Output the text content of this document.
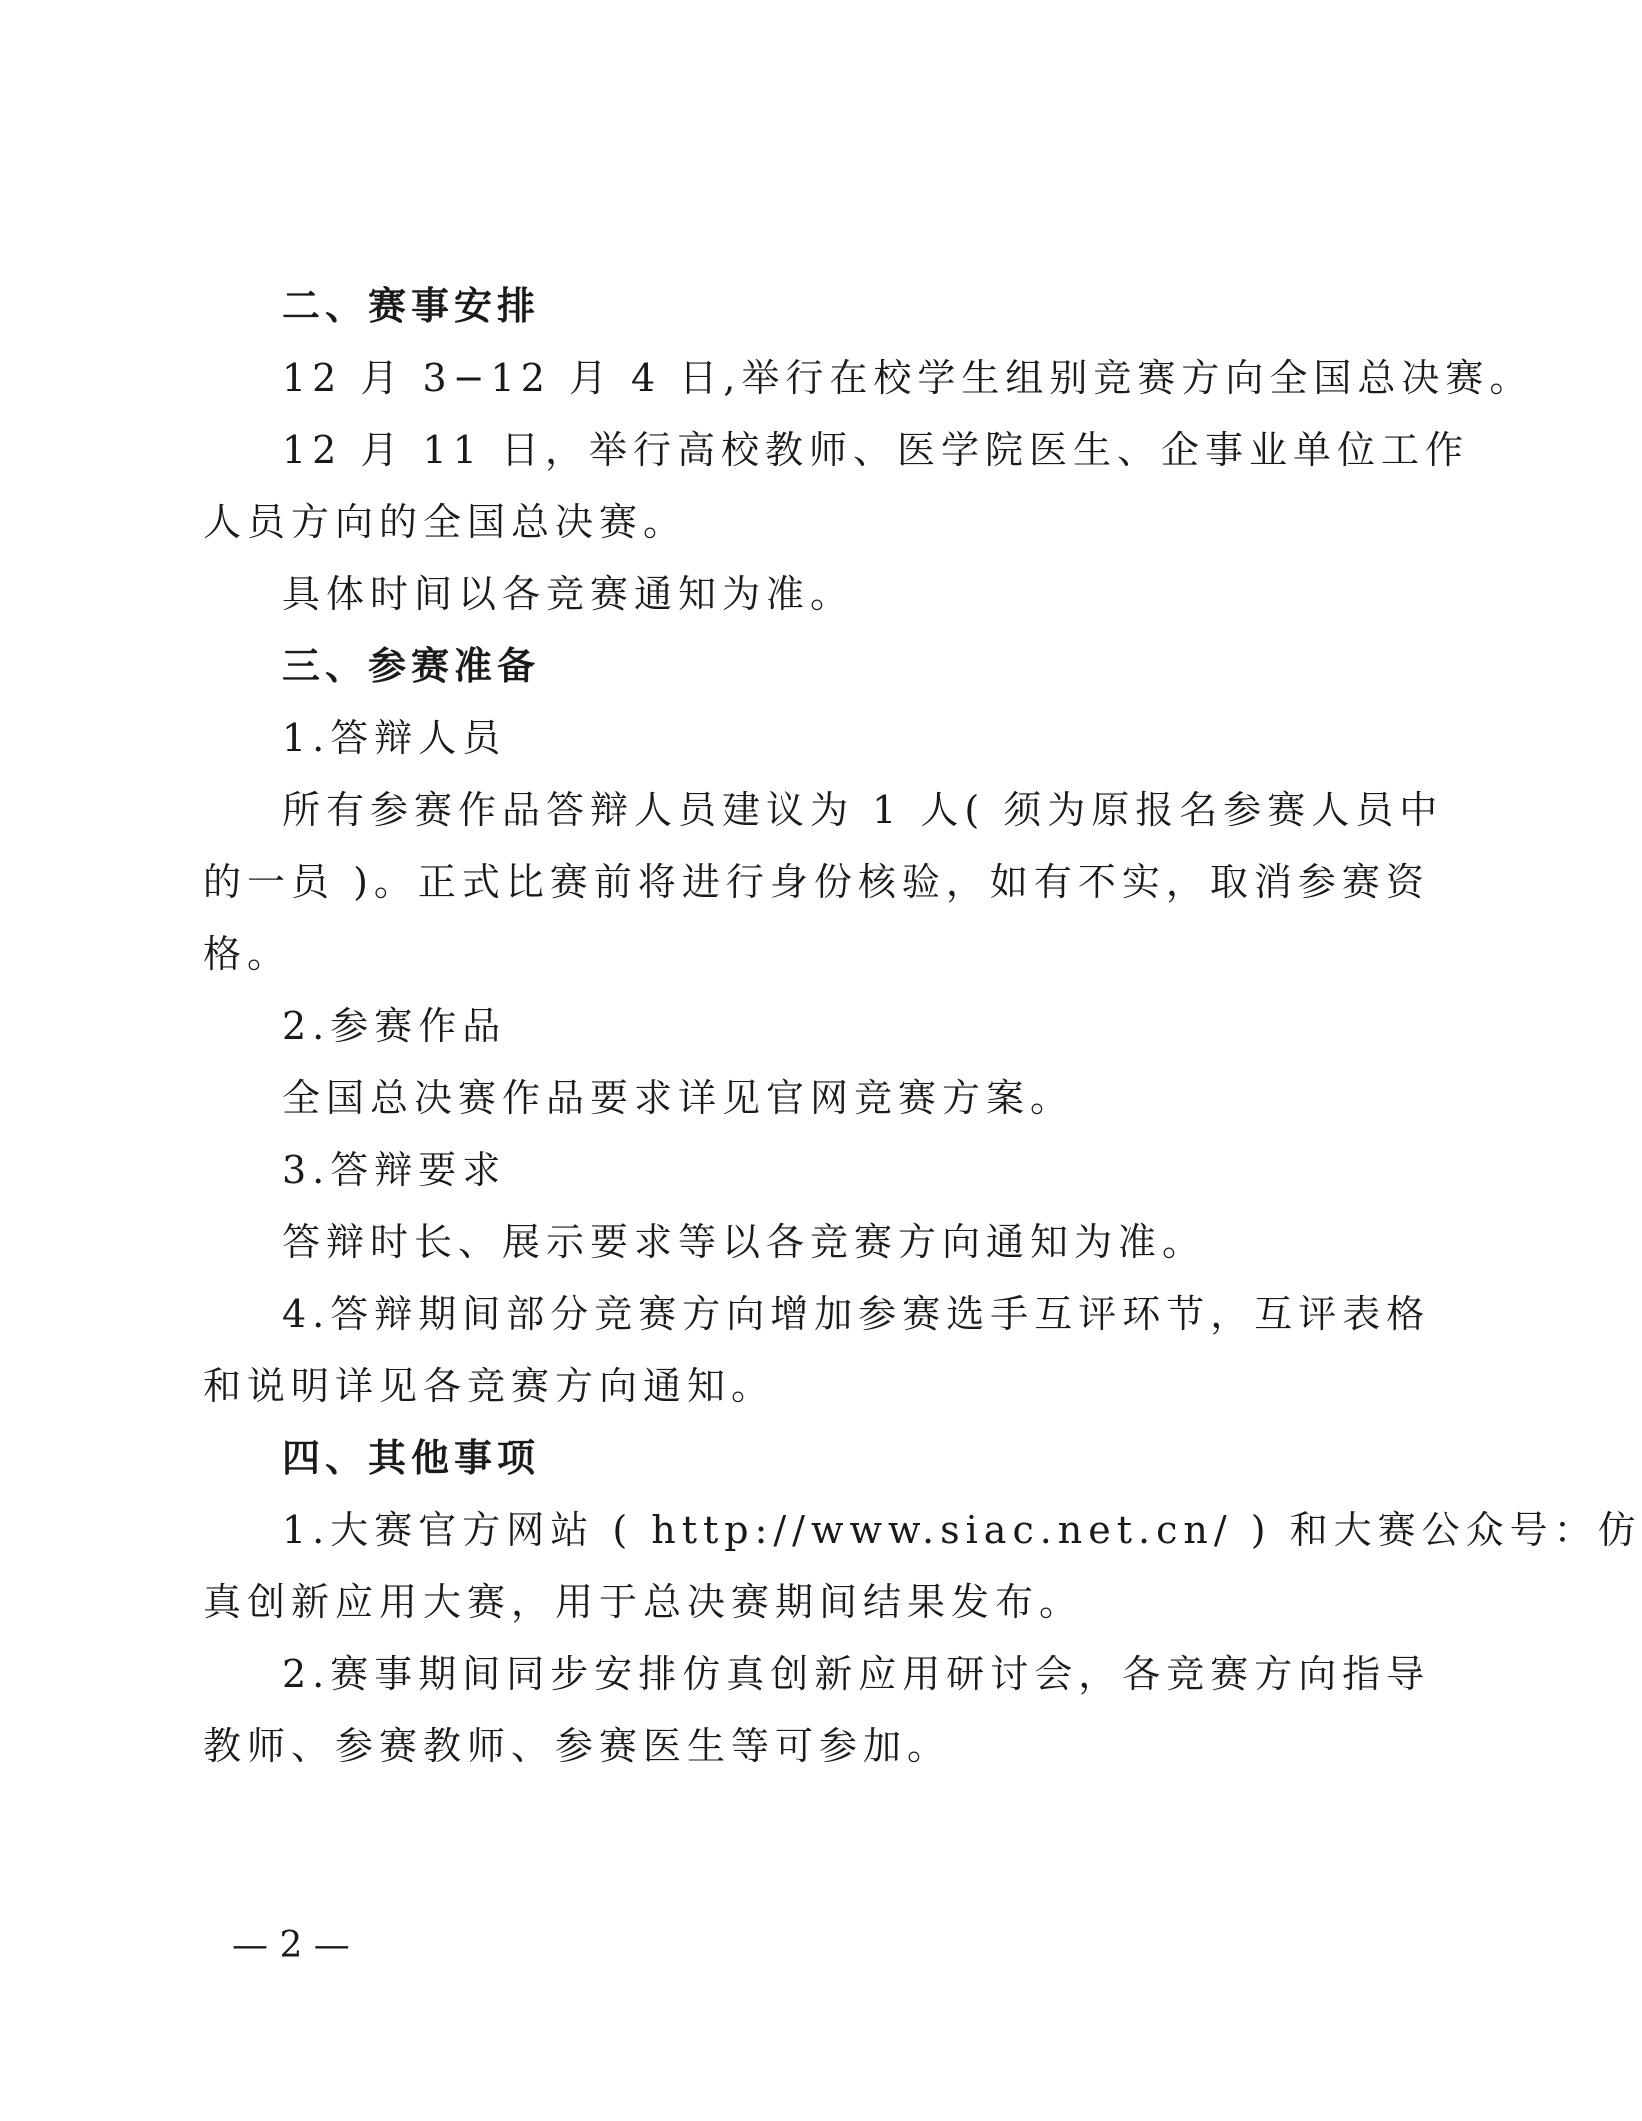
二、赛事安排
12 月 3−12 月 4 日,举行在校学生组别竞赛方向全国总决赛。
12 月 11 日，举行高校教师、医学院医生、企事业单位工作
人员方向的全国总决赛。
具体时间以各竞赛通知为准。
三、参赛准备
1.答辩人员
所有参赛作品答辩人员建议为 1 人( 须为原报名参赛人员中
的一员 )。正式比赛前将进行身份核验，如有不实，取消参赛资
格。
2.参赛作品
全国总决赛作品要求详见官网竞赛方案。
3.答辩要求
答辩时长、展示要求等以各竞赛方向通知为准。
4.答辩期间部分竞赛方向增加参赛选手互评环节，互评表格
和说明详见各竞赛方向通知。
四、其他事项
1.大赛官方网站 ( http://www.siac.net.cn/ ) 和大赛公众号：仿
真创新应用大赛，用于总决赛期间结果发布。
2.赛事期间同步安排仿真创新应用研讨会，各竞赛方向指导
教师、参赛教师、参赛医生等可参加。
— 2 —
